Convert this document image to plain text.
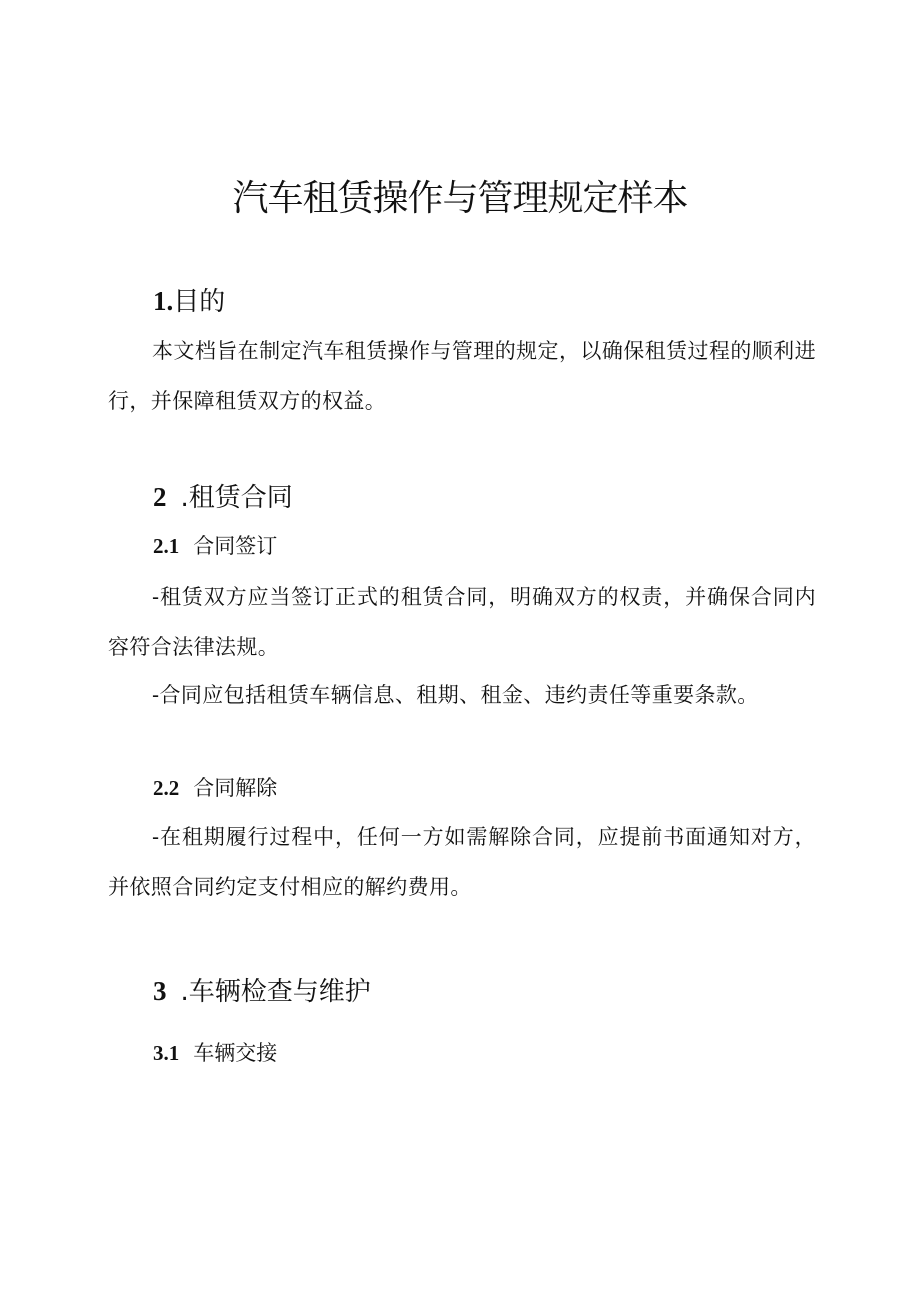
汽车租赁操作与管理规定样本
1.目的

本文档旨在制定汽车租赁操作与管理的规定，以确保租赁过程的顺利进行，并保障租赁双方的权益。

2 .租赁合同
2.1 合同签订

-租赁双方应当签订正式的租赁合同，明确双方的权责，并确保合同内容符合法律法规。

-合同应包括租赁车辆信息、租期、租金、违约责任等重要条款。

2.2 合同解除

-在租期履行过程中，任何一方如需解除合同，应提前书面通知对方，并依照合同约定支付相应的解约费用。

3 .车辆检查与维护
3.1 车辆交接
